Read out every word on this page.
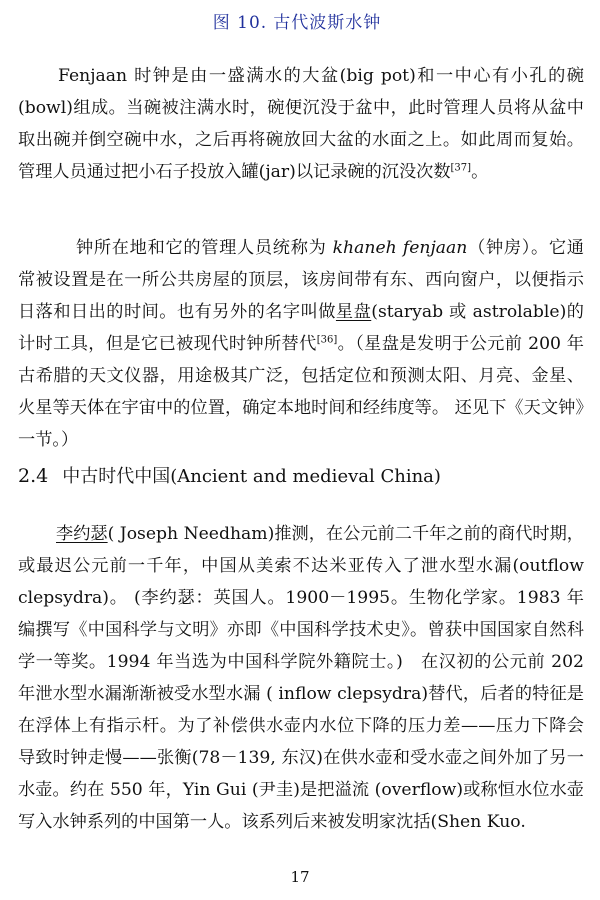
图 10. 古代波斯水钟
Fenjaan 时钟是由一盛满水的大盆(big pot)和一中心有小孔的碗(bowl)组成。当碗被注满水时，碗便沉没于盆中，此时管理人员将从盆中取出碗并倒空碗中水，之后再将碗放回大盆的水面之上。如此周而复始。管理人员通过把小石子投放入罐(jar)以记录碗的沉没次数[37]。
钟所在地和它的管理人员统称为 khaneh fenjaan（钟房）。它通常被设置是在一所公共房屋的顶层，该房间带有东、西向窗户，以便指示日落和日出的时间。也有另外的名字叫做星盘(staryab 或 astrolable)的计时工具，但是它已被现代时钟所替代[36]。（星盘是发明于公元前 200 年古希腊的天文仪器，用途极其广泛，包括定位和预测太阳、月亮、金星、火星等天体在宇宙中的位置，确定本地时间和经纬度等。 还见下《天文钟》一节。）
2.4 中古时代中国(Ancient and medieval China)
李约瑟( Joseph Needham)推测，在公元前二千年之前的商代时期，或最迟公元前一千年，中国从美索不达米亚传入了泄水型水漏(outflow clepsydra)。 (李约瑟：英国人。1900－1995。生物化学家。1983 年编撰写《中国科学与文明》亦即《中国科学技术史》。曾获中国国家自然科学一等奖。1994 年当选为中国科学院外籍院士。)　在汉初的公元前 202 年泄水型水漏渐渐被受水型水漏 ( inflow clepsydra)替代，后者的特征是在浮体上有指示杆。为了补偿供水壶内水位下降的压力差——压力下降会导致时钟走慢——张衡(78－139, 东汉)在供水壶和受水壶之间外加了另一水壶。约在 550 年，Yin Gui (尹圭)是把溢流 (overflow)或称恒水位水壶写入水钟系列的中国第一人。该系列后来被发明家沈括(Shen Kuo.
17
